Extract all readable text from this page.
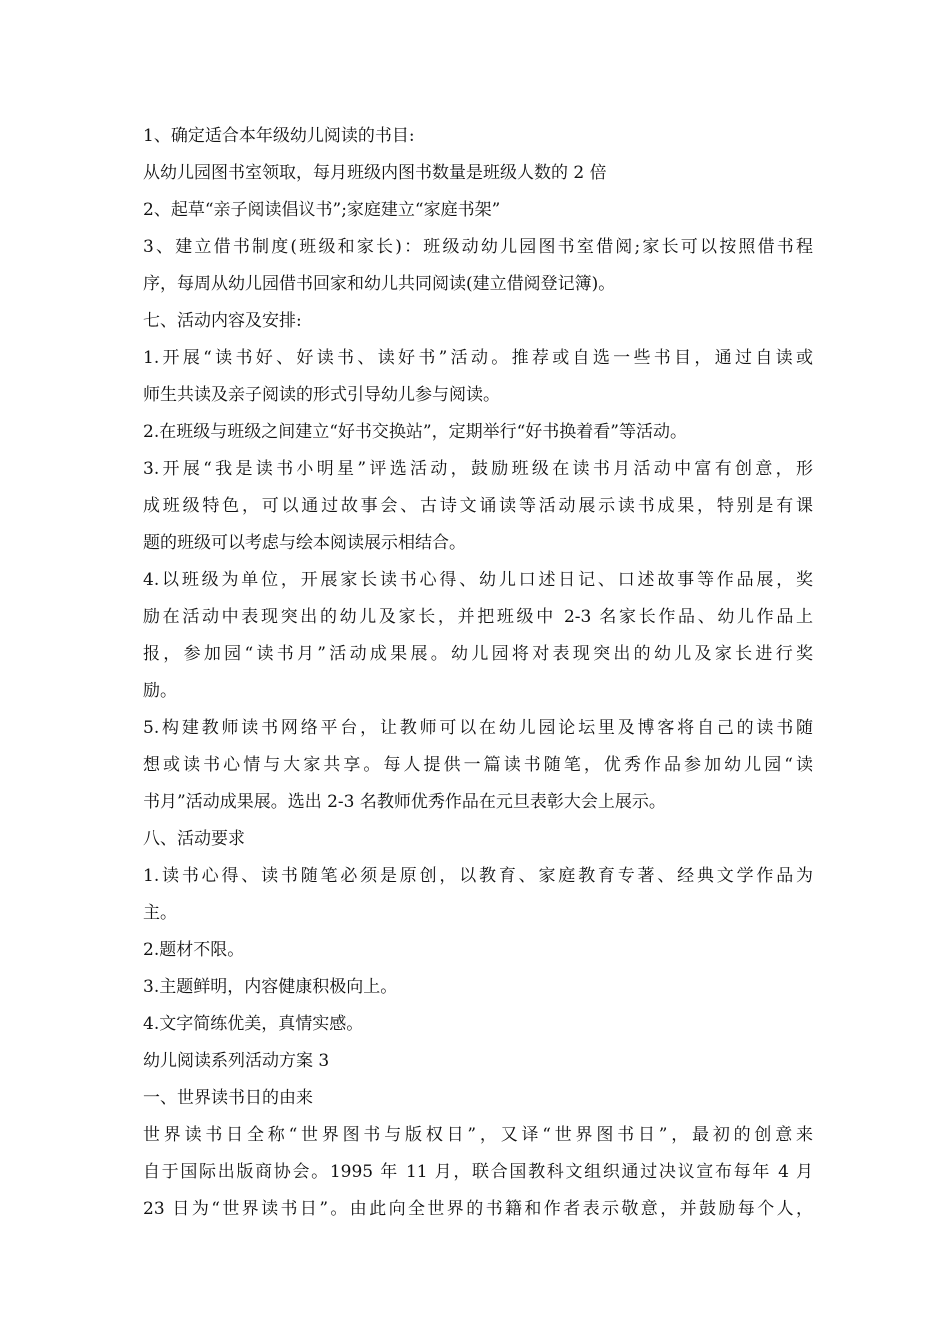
1、确定适合本年级幼儿阅读的书目:
从幼儿园图书室领取，每月班级内图书数量是班级人数的 2 倍
2、起草“亲子阅读倡议书”;家庭建立“家庭书架”
3、建立借书制度(班级和家长)：班级动幼儿园图书室借阅;家长可以按照借书程
序，每周从幼儿园借书回家和幼儿共同阅读(建立借阅登记簿)。
七、活动内容及安排:
1.开展“读书好、好读书、读好书”活动。推荐或自选一些书目，通过自读或
师生共读及亲子阅读的形式引导幼儿参与阅读。
2.在班级与班级之间建立“好书交换站”，定期举行“好书换着看”等活动。
3.开展“我是读书小明星”评选活动，鼓励班级在读书月活动中富有创意，形
成班级特色，可以通过故事会、古诗文诵读等活动展示读书成果，特别是有课
题的班级可以考虑与绘本阅读展示相结合。
4.以班级为单位，开展家长读书心得、幼儿口述日记、口述故事等作品展，奖
励在活动中表现突出的幼儿及家长，并把班级中 2-3 名家长作品、幼儿作品上
报，参加园“读书月”活动成果展。幼儿园将对表现突出的幼儿及家长进行奖
励。
5.构建教师读书网络平台，让教师可以在幼儿园论坛里及博客将自己的读书随
想或读书心情与大家共享。每人提供一篇读书随笔，优秀作品参加幼儿园“读
书月”活动成果展。选出 2-3 名教师优秀作品在元旦表彰大会上展示。
八、活动要求
1.读书心得、读书随笔必须是原创，以教育、家庭教育专著、经典文学作品为
主。
2.题材不限。
3.主题鲜明，内容健康积极向上。
4.文字简练优美，真情实感。
幼儿阅读系列活动方案 3
一、世界读书日的由来
世界读书日全称“世界图书与版权日”，又译“世界图书日”，最初的创意来
自于国际出版商协会。1995 年 11 月，联合国教科文组织通过决议宣布每年 4 月
23 日为“世界读书日”。由此向全世界的书籍和作者表示敬意，并鼓励每个人，
